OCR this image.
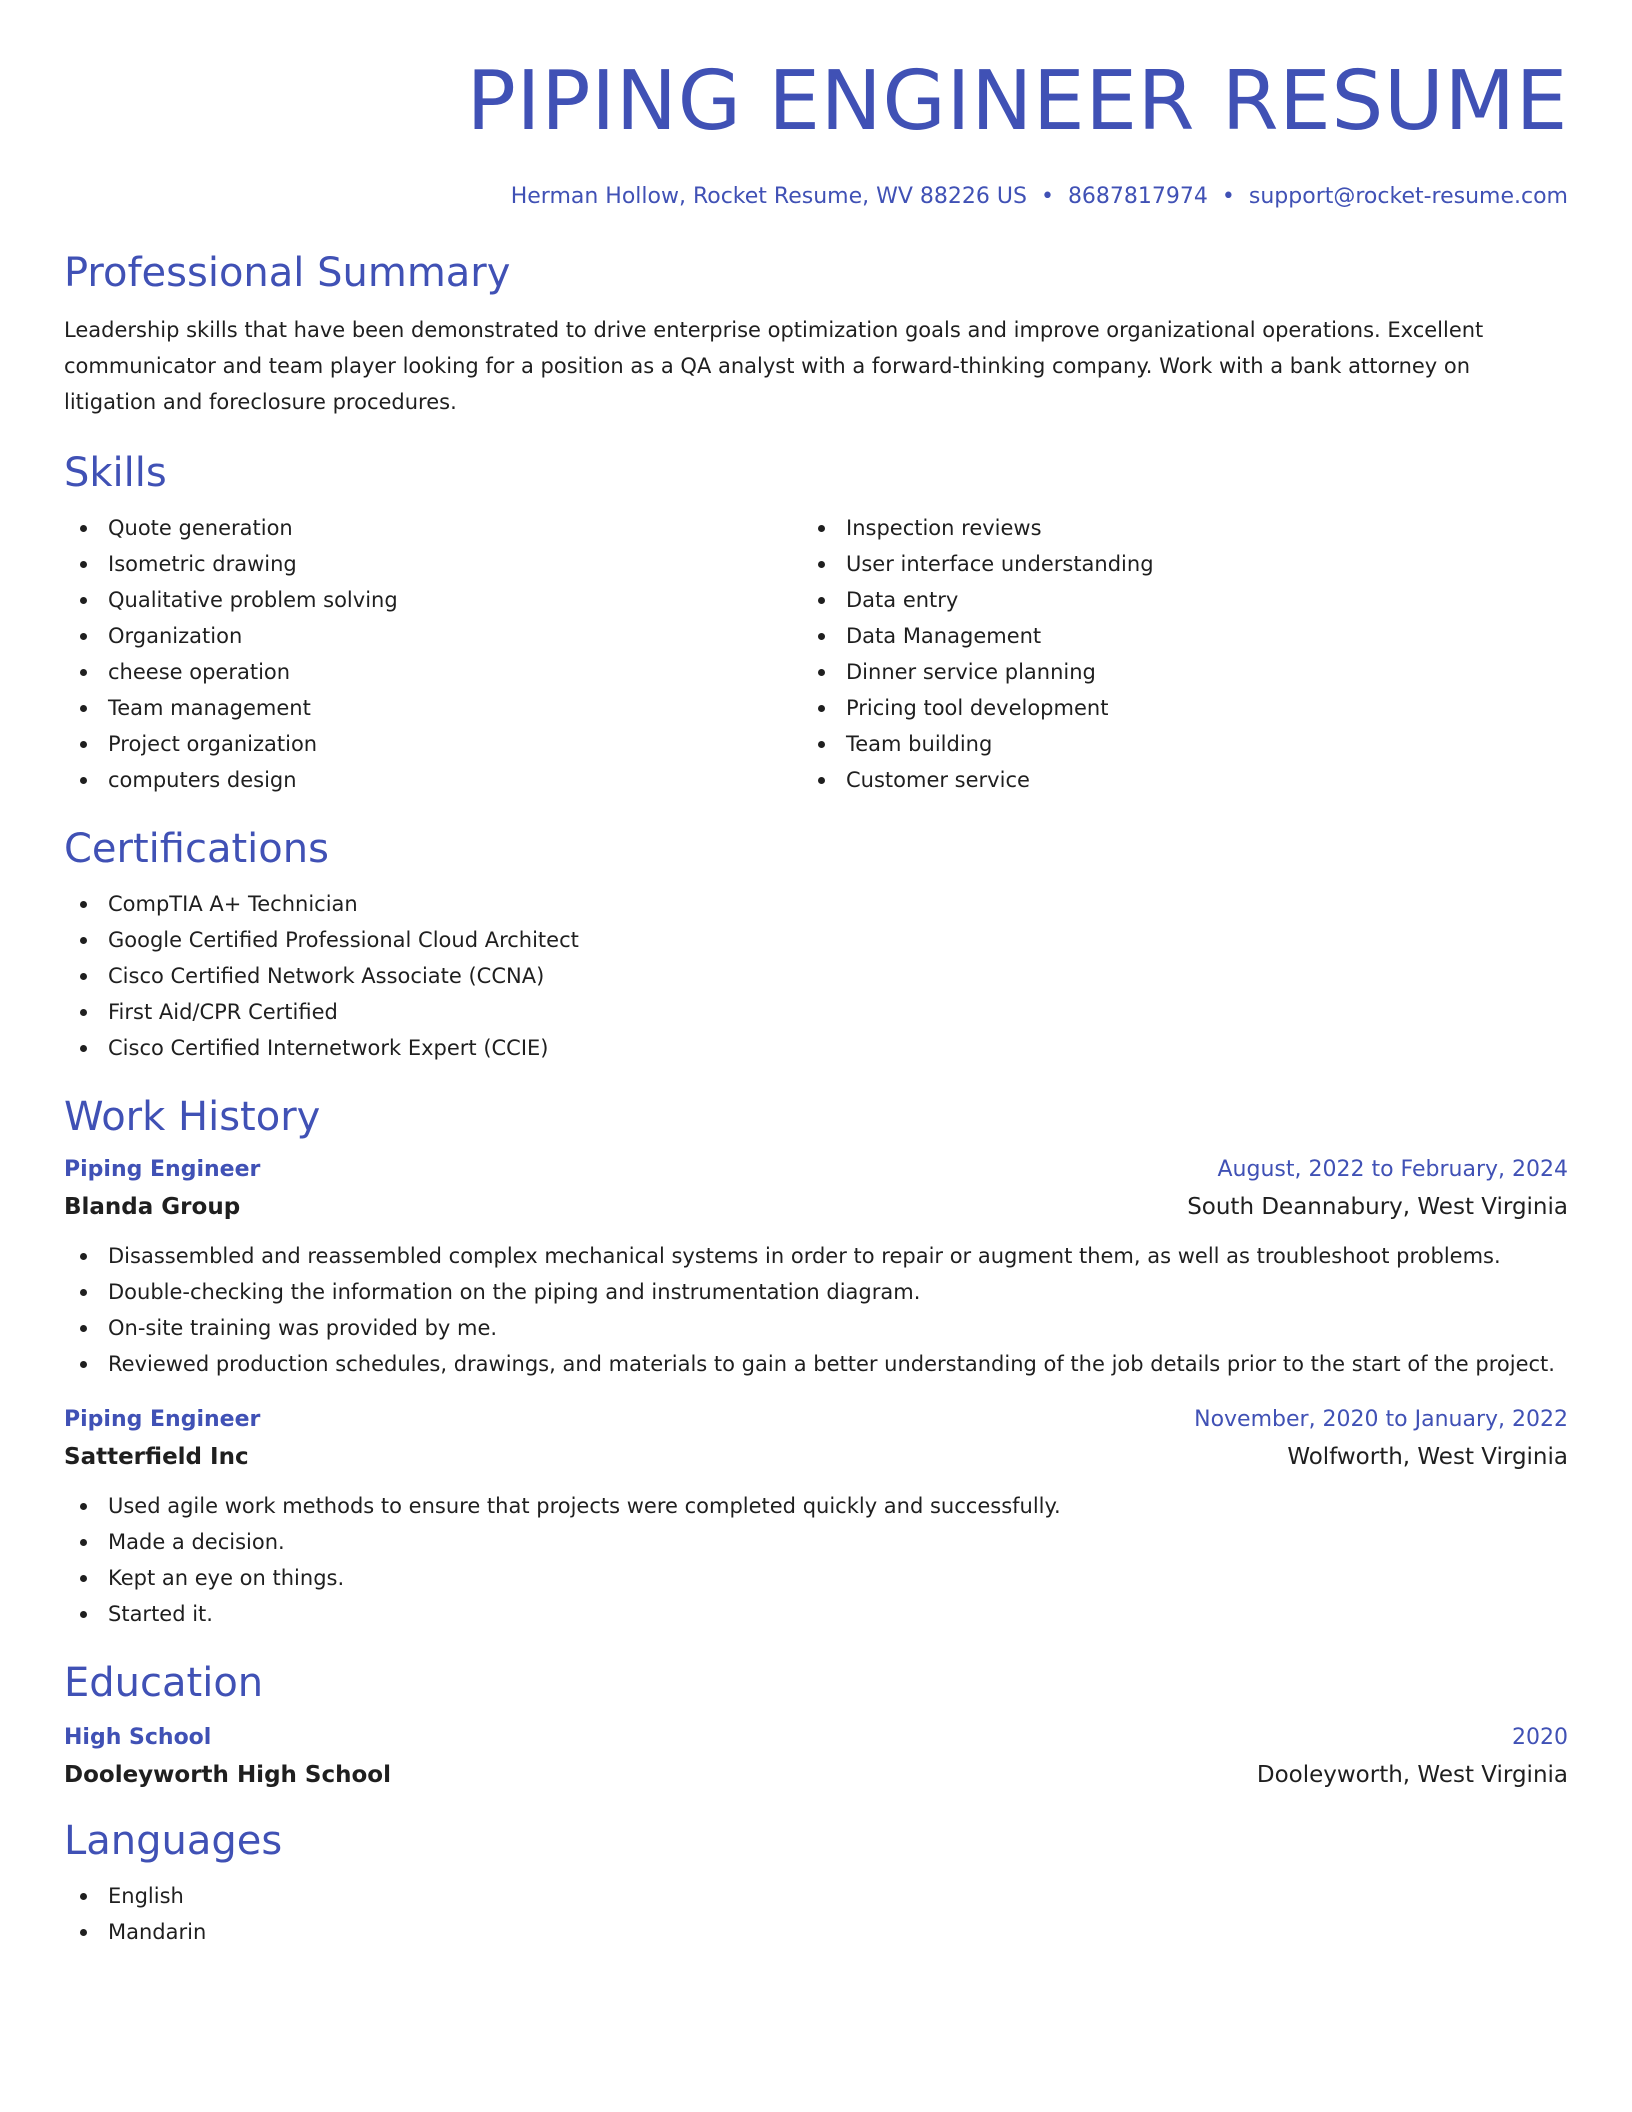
PIPING ENGINEER RESUME
Herman Hollow, Rocket Resume, WV 88226 US • 8687817974 • support@rocket-resume.com
Professional Summary

Leadership skills that have been demonstrated to drive enterprise optimization goals and improve organizational operations. Excellent communicator and team player looking for a position as a QA analyst with a forward-thinking company. Work with a bank attorney on litigation and foreclosure procedures.

Skills
Quote generation
Isometric drawing
Qualitative problem solving
Organization
cheese operation
Team management
Project organization
computers design
Inspection reviews
User interface understanding
Data entry
Data Management
Dinner service planning
Pricing tool development
Team building
Customer service
Certifications
CompTIA A+ Technician
Google Certified Professional Cloud Architect
Cisco Certified Network Associate (CCNA)
First Aid/CPR Certified
Cisco Certified Internetwork Expert (CCIE)
Work History
Piping Engineer	August, 2022 to February, 2024
Blanda Group	South Deannabury, West Virginia
Disassembled and reassembled complex mechanical systems in order to repair or augment them, as well as troubleshoot problems.
Double-checking the information on the piping and instrumentation diagram.
On-site training was provided by me.
Reviewed production schedules, drawings, and materials to gain a better understanding of the job details prior to the start of the project.
Piping Engineer	November, 2020 to January, 2022
Satterfield Inc	Wolfworth, West Virginia
Used agile work methods to ensure that projects were completed quickly and successfully.
Made a decision.
Kept an eye on things.
Started it.
Education
High School	2020
Dooleyworth High School	Dooleyworth, West Virginia
Languages
English
Mandarin
